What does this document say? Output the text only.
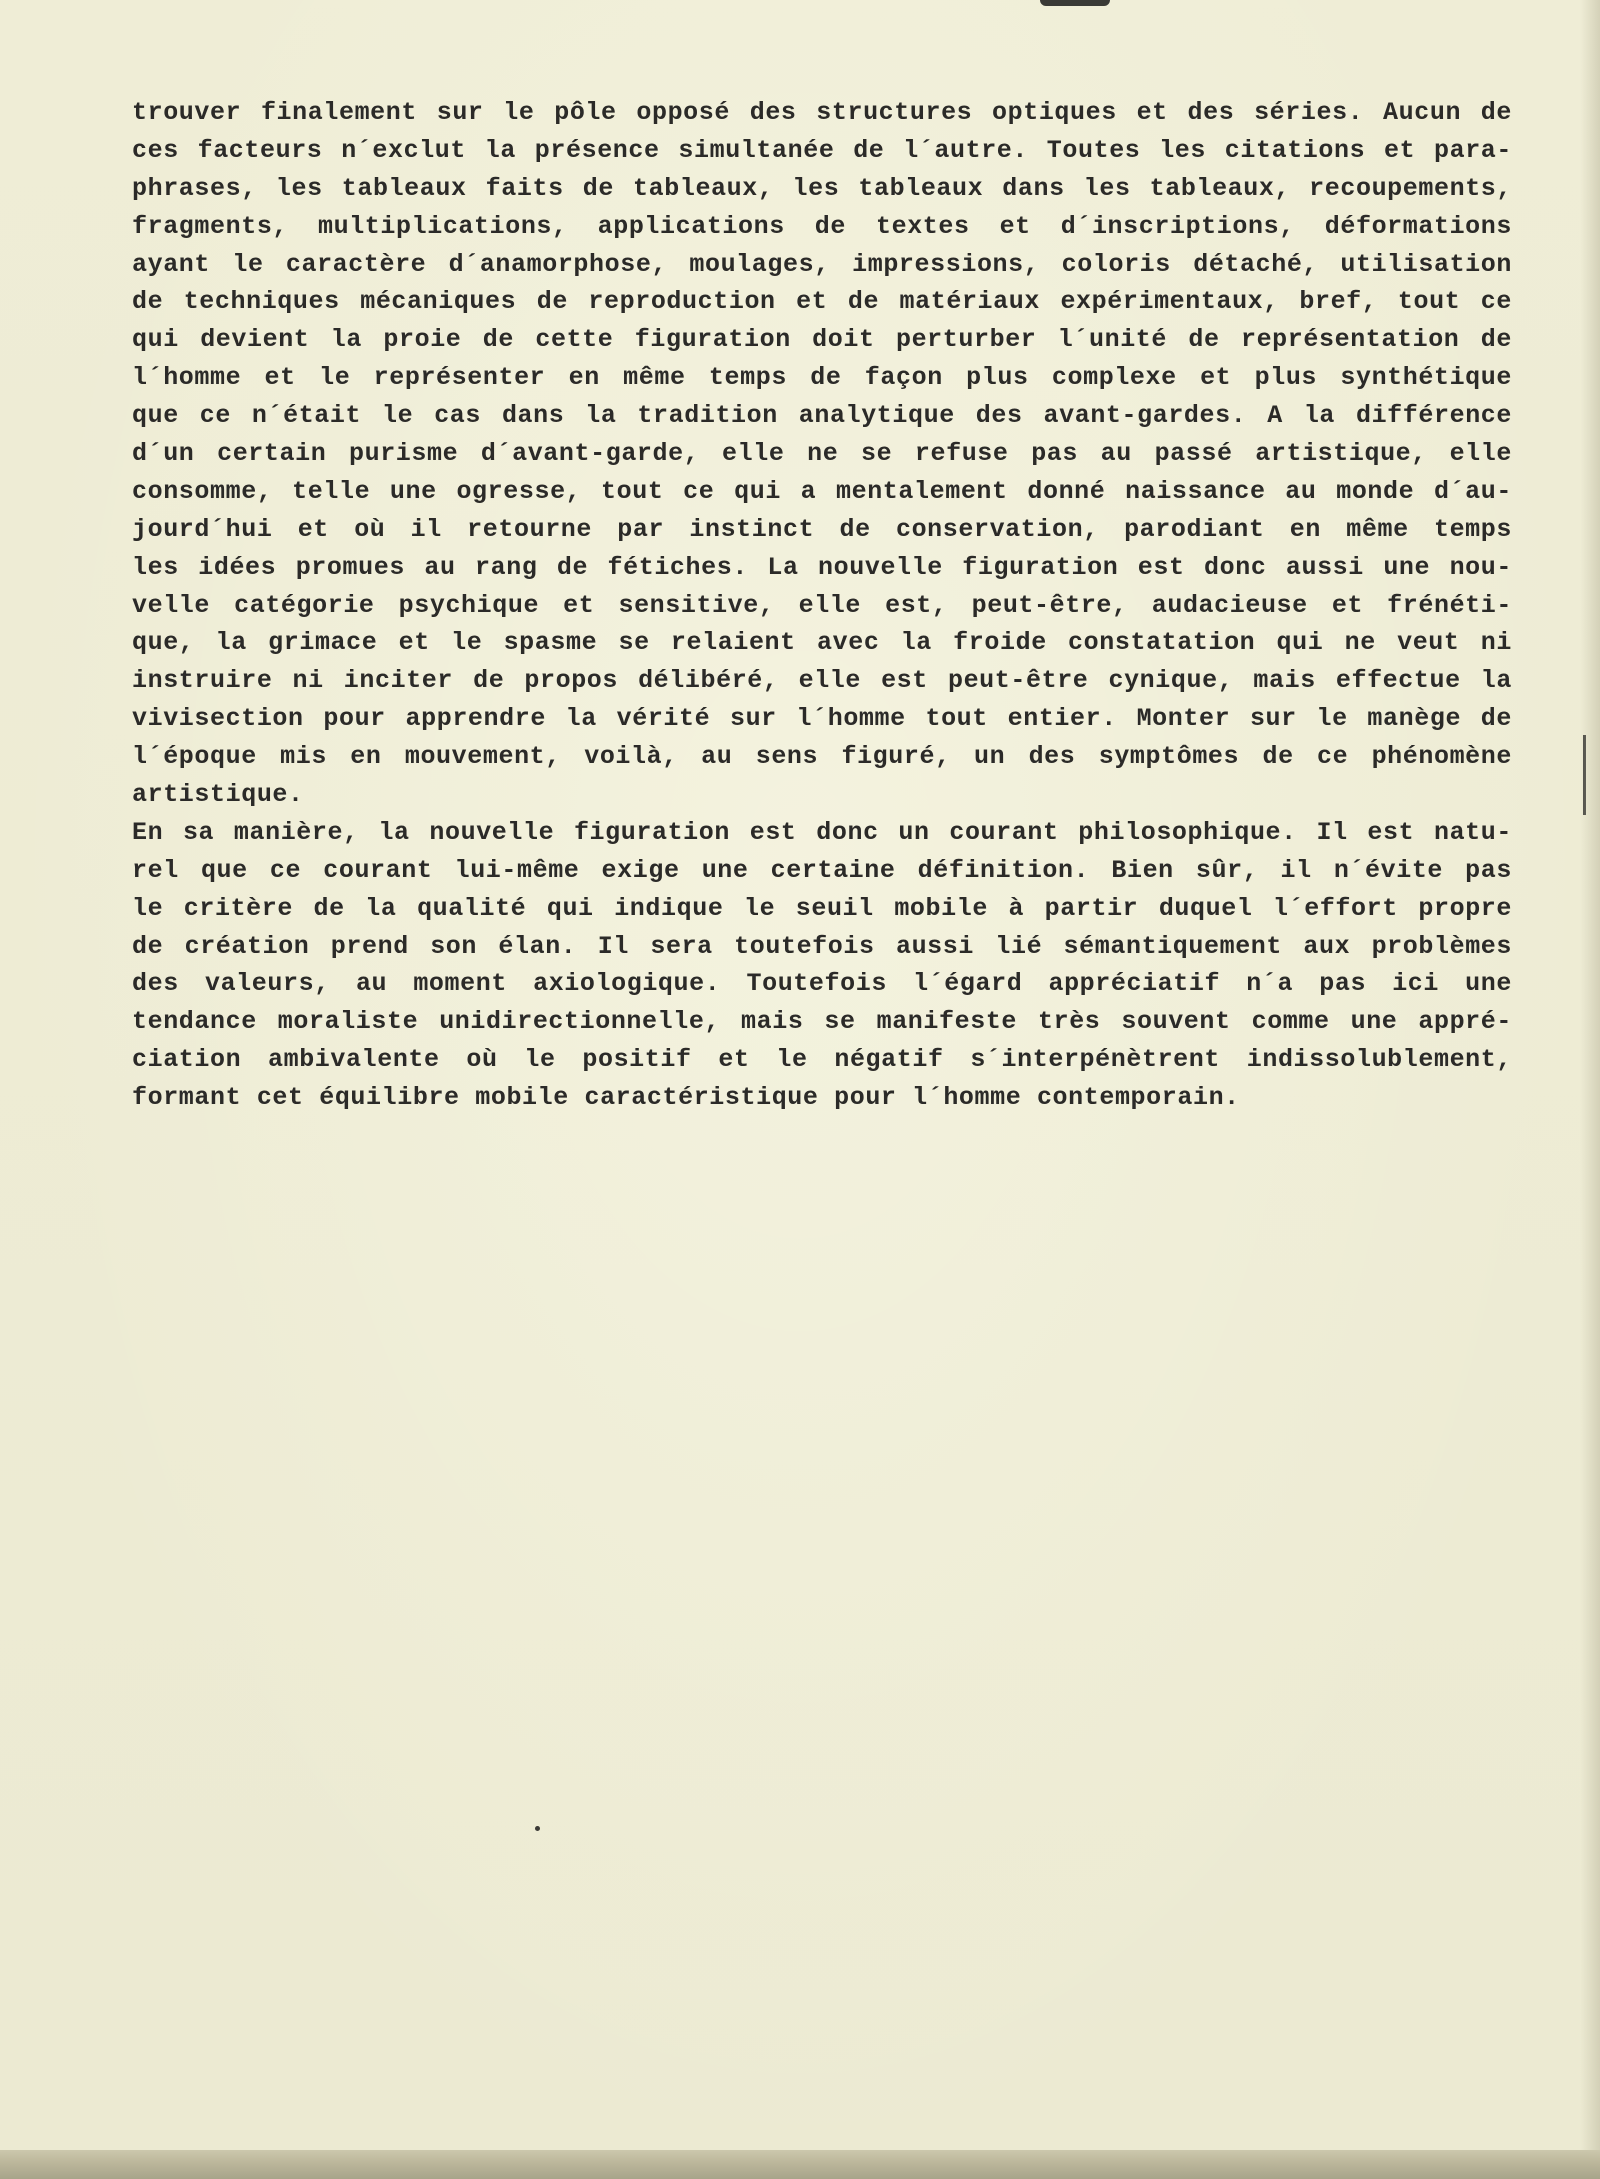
trouver finalement sur le pôle opposé des structures optiques et des séries. Aucun de
ces facteurs n´exclut la présence simultanée de l´autre. Toutes les citations et para-
phrases, les tableaux faits de tableaux, les tableaux dans les tableaux, recoupements,
fragments, multiplications, applications de textes et d´inscriptions, déformations
ayant le caractère d´anamorphose, moulages, impressions, coloris détaché, utilisation
de techniques mécaniques de reproduction et de matériaux expérimentaux, bref, tout ce
qui devient la proie de cette figuration doit perturber l´unité de représentation de
l´homme et le représenter en même temps de façon plus complexe et plus synthétique
que ce n´était le cas dans la tradition analytique des avant-gardes. A la différence
d´un certain purisme d´avant-garde, elle ne se refuse pas au passé artistique, elle
consomme, telle une ogresse, tout ce qui a mentalement donné naissance au monde d´au-
jourd´hui et où il retourne par instinct de conservation, parodiant en même temps
les idées promues au rang de fétiches. La nouvelle figuration est donc aussi une nou-
velle catégorie psychique et sensitive, elle est, peut-être, audacieuse et frénéti-
que, la grimace et le spasme se relaient avec la froide constatation qui ne veut ni
instruire ni inciter de propos délibéré, elle est peut-être cynique, mais effectue la
vivisection pour apprendre la vérité sur l´homme tout entier. Monter sur le manège de
l´époque mis en mouvement, voilà, au sens figuré, un des symptômes de ce phénomène
artistique.
En sa manière, la nouvelle figuration est donc un courant philosophique. Il est natu-
rel que ce courant lui-même exige une certaine définition. Bien sûr, il n´évite pas
le critère de la qualité qui indique le seuil mobile à partir duquel l´effort propre
de création prend son élan. Il sera toutefois aussi lié sémantiquement aux problèmes
des valeurs, au moment axiologique. Toutefois l´égard appréciatif n´a pas ici une
tendance moraliste unidirectionnelle, mais se manifeste très souvent comme une appré-
ciation ambivalente où le positif et le négatif s´interpénètrent indissolublement,
formant cet équilibre mobile caractéristique pour l´homme contemporain.
